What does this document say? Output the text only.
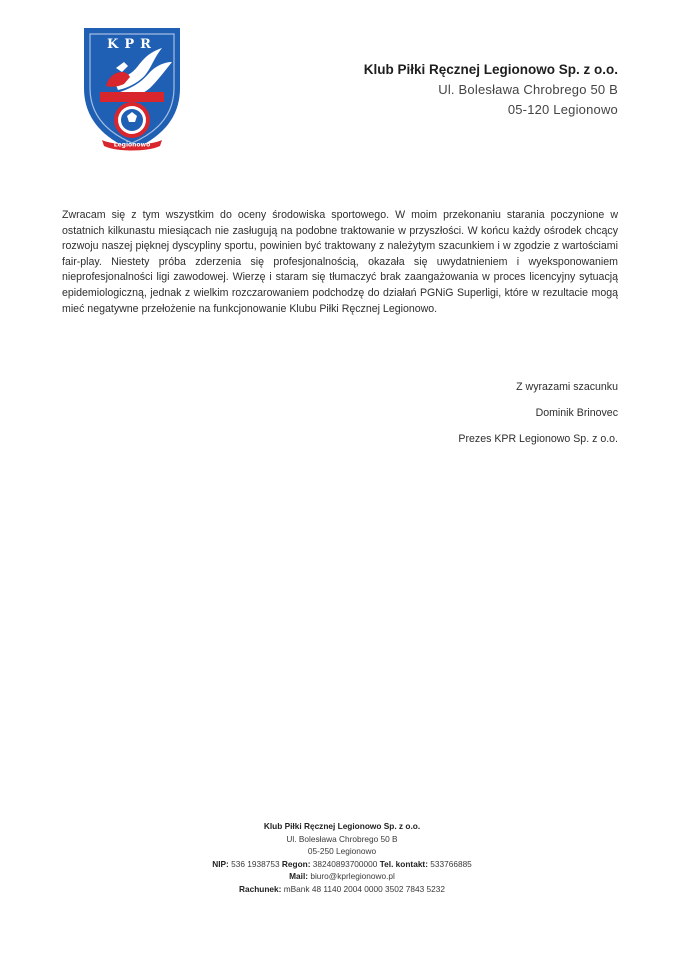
Legionowo
KPR
Klub Piłki Ręcznej Legionowo Sp. z o.o.
Ul. Bolesława Chrobrego 50 B
05-120 Legionowo
Zwracam się z tym wszystkim do oceny środowiska sportowego. W moim przekonaniu starania poczynione w ostatnich kilkunastu miesiącach nie zasługują na podobne traktowanie w przyszłości. W końcu każdy ośrodek chcący rozwoju naszej pięknej dyscypliny sportu, powinien być traktowany z należytym szacunkiem i w zgodzie z wartościami fair-play. Niestety próba zderzenia się profesjonalnością, okazała się uwydatnieniem i wyeksponowaniem nieprofesjonalności ligi zawodowej. Wierzę i staram się tłumaczyć brak zaangażowania w proces licencyjny sytuacją epidemiologiczną, jednak z wielkim rozczarowaniem podchodzę do działań PGNiG Superligi, które w rezultacie mogą mieć negatywne przełożenie na funkcjonowanie Klubu Piłki Ręcznej Legionowo.
Z wyrazami szacunku
Dominik Brinovec
Prezes KPR Legionowo Sp. z o.o.
Klub Piłki Ręcznej Legionowo Sp. z o.o.
Ul. Bolesława Chrobrego 50 B
05-250 Legionowo
NIP: 536 1938753 Regon: 38240893700000 Tel. kontakt: 533766885
Mail: biuro@kprlegionowo.pl
Rachunek: mBank 48 1140 2004 0000 3502 7843 5232
